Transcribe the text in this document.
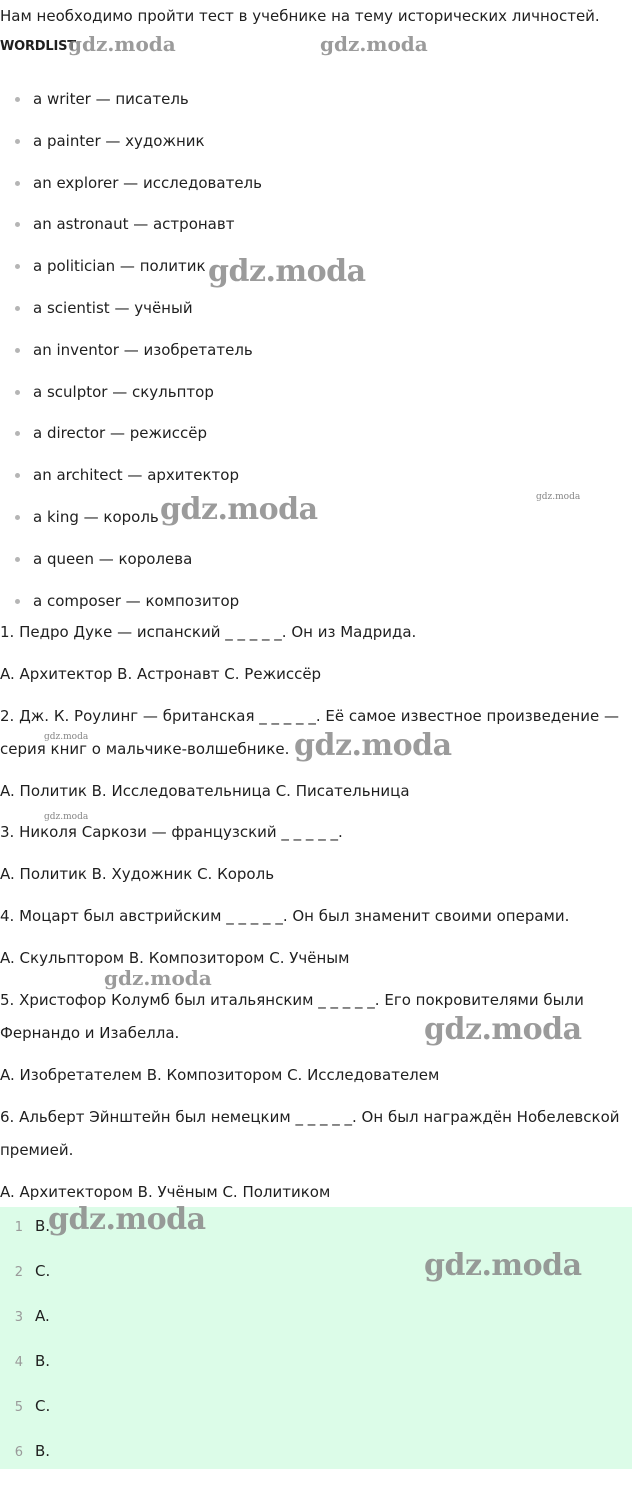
Нам необходимо пройти тест в учебнике на тему исторических личностей.
WORDLIST
a writer — писатель
a painter — художник
an explorer — исследователь
an astronaut — астронавт
a politician — политик
a scientist — учёный
an inventor — изобретатель
a sculptor — скульптор
a director — режиссёр
an architect — архитектор
a king — король
a queen — королева
a composer — композитор
1. Педро Дуке — испанский _ _ _ _ _. Он из Мадрида.
A. Архитектор B. Астронавт C. Режиссёр
2. Дж. К. Роулинг — британская _ _ _ _ _. Её самое известное произведение — серия книг о мальчике-волшебнике.
A. Политик B. Исследовательница C. Писательница
3. Николя Саркози — французский _ _ _ _ _.
A. Политик B. Художник C. Король
4. Моцарт был австрийским _ _ _ _ _. Он был знаменит своими операми.
A. Скульптором B. Композитором C. Учёным
5. Христофор Колумб был итальянским _ _ _ _ _. Его покровителями были Фернандо и Изабелла.
A. Изобретателем B. Композитором C. Исследователем
6. Альберт Эйнштейн был немецким _ _ _ _ _. Он был награждён Нобелевской премией.
A. Архитектором B. Учёным C. Политиком
1 B.
2 C.
3 A.
4 B.
5 C.
6 B.
gdz.moda	gdz.moda
gdz.moda
gdz.moda
gdz.moda
gdz.moda	gdz.moda
gdz.moda
gdz.moda
gdz.moda
gdz.moda
gdz.moda
